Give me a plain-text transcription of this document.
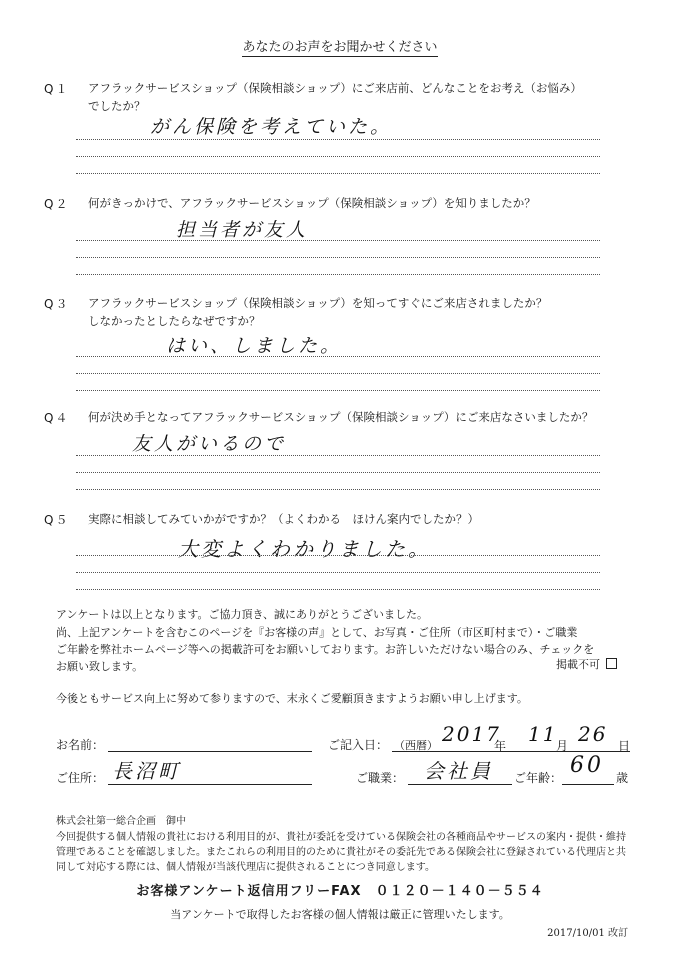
あなたのお声をお聞かせください
Q１ アフラックサービスショップ（保険相談ショップ）にご来店前、どんなことをお考え（お悩み）
でしたか？
がん保険を考えていた。
Q２ 何がきっかけで、アフラックサービスショップ（保険相談ショップ）を知りましたか？
担当者が友人
Q３ アフラックサービスショップ（保険相談ショップ）を知ってすぐにご来店されましたか？
しなかったとしたらなぜですか？
はい、しました。
Q４ 何が決め手となってアフラックサービスショップ（保険相談ショップ）にご来店なさいましたか？
友人がいるので
Q５ 実際に相談してみていかがですか？（よくわかる　ほけん案内でしたか？）
大変よくわかりました。
アンケートは以上となります。ご協力頂き、誠にありがとうございました。
尚、上記アンケートを含むこのページを『お客様の声』として、お写真・ご住所（市区町村まで）・ご職業
ご年齢を弊社ホームページ等への掲載許可をお願いしております。お許しいただけない場合のみ、チェックを
お願い致します。	掲載不可
今後ともサービス向上に努めて参りますので、末永くご愛顧頂きますようお願い申し上げます。
お名前：	ご記入日： （西暦） 2017
年 11
月 26 日
ご住所： 長沼町	ご職業： 会社員 ご年齢： 60 歳
株式会社第一総合企画　御中
今回提供する個人情報の貴社における利用目的が、貴社が委託を受けている保険会社の各種商品やサービスの案内・提供・維持
管理であることを確認しました。またこれらの利用目的のために貴社がその委託先である保険会社に登録されている代理店と共
同して対応する際には、個人情報が当該代理店に提供されることにつき同意します。
お客様アンケート返信用フリーFAX　０１２０－１４０－５５４
当アンケートで取得したお客様の個人情報は厳正に管理いたします。
2017/10/01 改訂
